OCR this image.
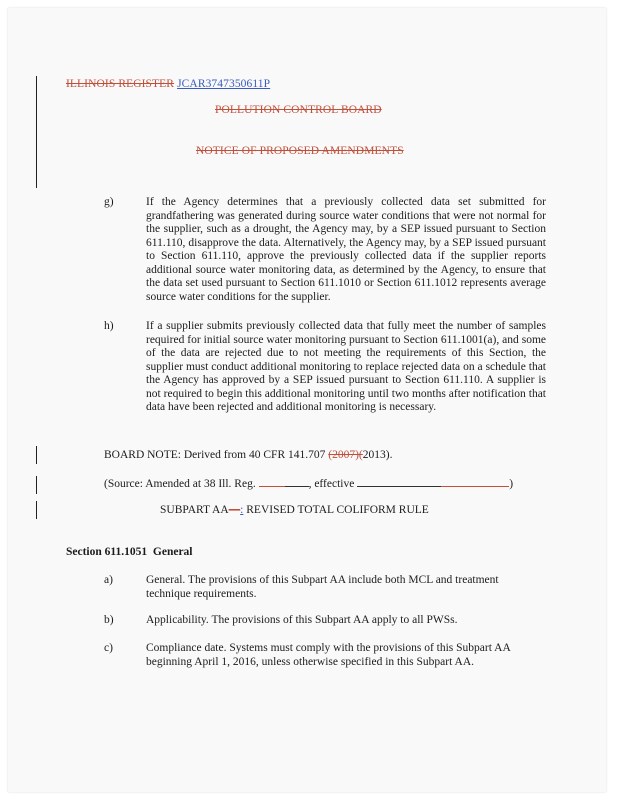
ILLINOIS REGISTER JCAR3747350611P
POLLUTION CONTROL BOARD
NOTICE OF PROPOSED AMENDMENTS
g)	If the Agency determines that a previously collected data set submitted for grandfathering was generated during source water conditions that were not normal for the supplier, such as a drought, the Agency may, by a SEP issued pursuant to Section 611.110, disapprove the data. Alternatively, the Agency may, by a SEP issued pursuant to Section 611.110, approve the previously collected data if the supplier reports additional source water monitoring data, as determined by the Agency, to ensure that the data set used pursuant to Section 611.1010 or Section 611.1012 represents average source water conditions for the supplier.
h)	If a supplier submits previously collected data that fully meet the number of samples required for initial source water monitoring pursuant to Section 611.1001(a), and some of the data are rejected due to not meeting the requirements of this Section, the supplier must conduct additional monitoring to replace rejected data on a schedule that the Agency has approved by a SEP issued pursuant to Section 611.110. A supplier is not required to begin this additional monitoring until two months after notification that data have been rejected and additional monitoring is necessary.
BOARD NOTE: Derived from 40 CFR 141.707 (2007)(2013).
(Source: Amended at 38 Ill. Reg.	, effective	)
SUBPART AA—: REVISED TOTAL COLIFORM RULE
Section 611.1051  General
a)	General. The provisions of this Subpart AA include both MCL and treatment technique requirements.
b)	Applicability. The provisions of this Subpart AA apply to all PWSs.
c)	Compliance date. Systems must comply with the provisions of this Subpart AA beginning April 1, 2016, unless otherwise specified in this Subpart AA.
